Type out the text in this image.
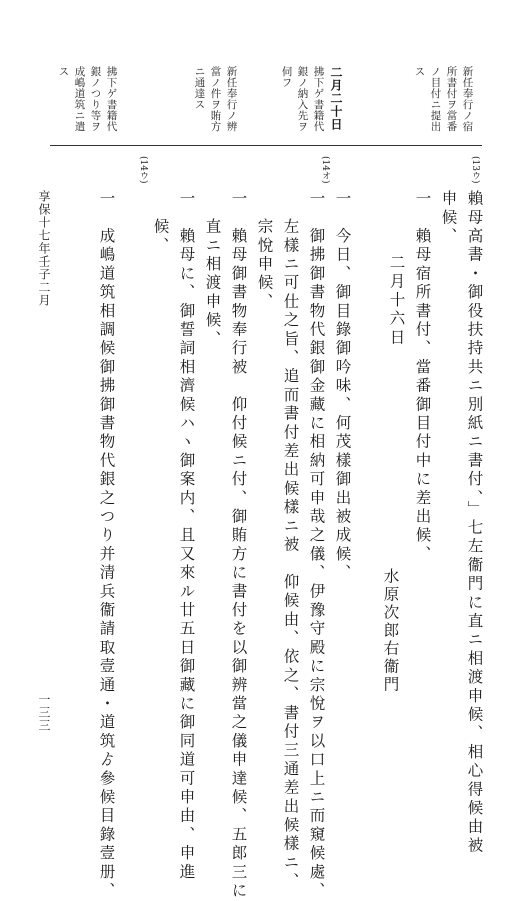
新任奉行ノ宿
所書付ヲ當番
ノ目付ニ提出
ス
二月二十日
拂下ゲ書籍代
銀ノ納入先ヲ
伺フ
新任奉行ノ辨
當ノ件ヲ賄方
ニ通達ス
拂下ゲ書籍代
銀ノつり等ヲ
成嶋道筑ニ遣
ス
(13ウ)
(14オ)
(14ウ)
賴母高書・御役扶持共ニ別紙ニ書付、」七左衞門に直ニ相渡申候、相心得候由被
申候、
一　賴母宿所書付、當番御目付中に差出候、
二月十六日
水原次郎右衞門
一　今日、御目錄御吟味、何茂樣御出被成候、
一　御拂御書物代銀御金藏に相納可申哉之儀、伊豫守殿に宗悅ヲ以口上ニ而窺候處、
左樣ニ可仕之旨、追而書付差出候樣ニ被　仰候由、依之、書付三通差出候樣ニ、
宗悅申候、
一　賴母御書物奉行被　仰付候ニ付、御賄方に書付を以御辨當之儀申達候、五郎三に
直ニ相渡申候、
一　賴母に、御誓詞相濟候ハヽ御案内、且又來ル廿五日御藏に御同道可申由、申進
候、
一　成嶋道筑相調候御拂御書物代銀之つり并清兵衞請取壹通・道筑ゟ參候目錄壹册、
享保十七年壬子二月
一三三
